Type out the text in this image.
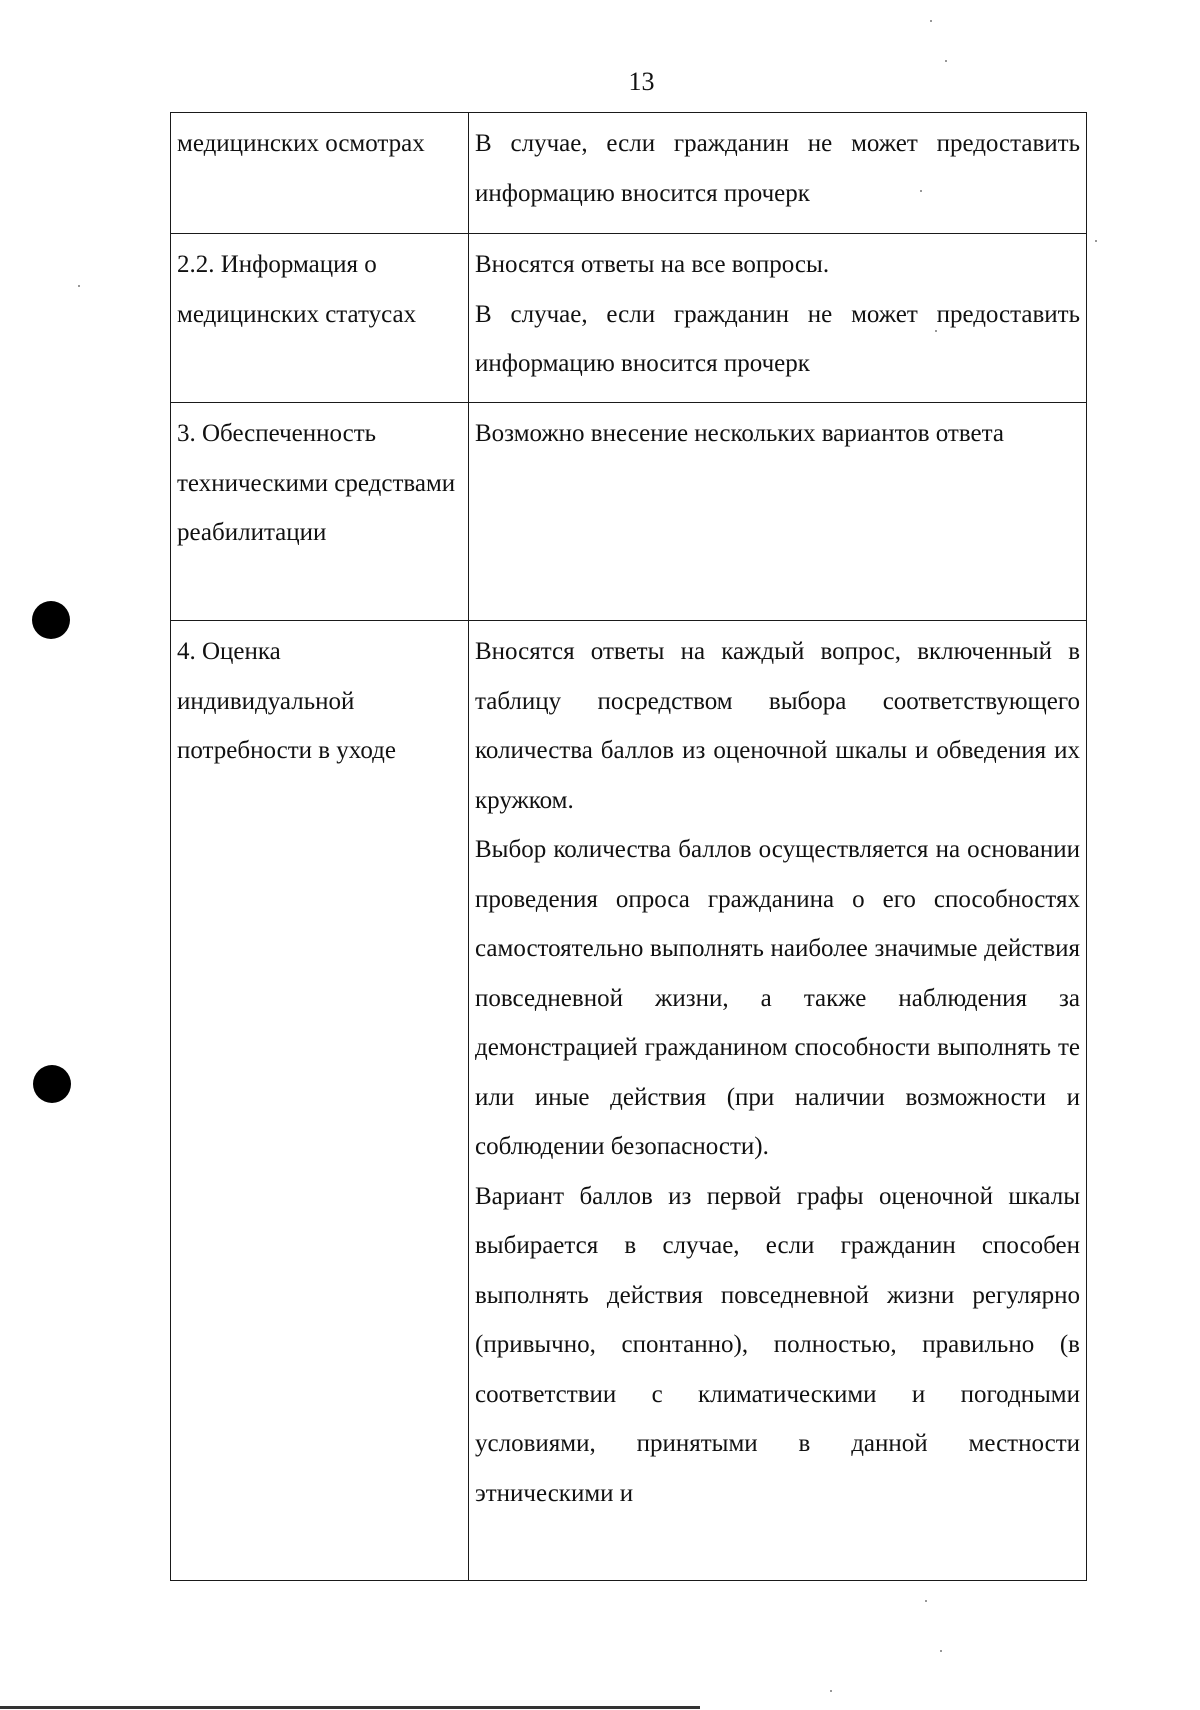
13

медицинских осмотрах	В случае, если гражданин не может предоставить информацию вносится прочерк

2.2. Информация о медицинских статусах	Вносятся ответы на все вопросы.

В случае, если гражданин не может предоставить информацию вносится прочерк

3. Обеспеченность техническими средствами реабилитации	Возможно внесение нескольких вариантов ответа

4. Оценка индивидуальной потребности в уходе	Вносятся ответы на каждый вопрос, включенный в таблицу посредством выбора соответствующего количества баллов из оценочной шкалы и обведения их кружком.

Выбор количества баллов осуществляется на основании проведения опроса гражданина о его способностях самостоятельно выполнять наиболее значимые действия повседневной жизни, а также наблюдения за демонстрацией гражданином способности выполнять те или иные действия (при наличии возможности и соблюдении безопасности).

Вариант баллов из первой графы оценочной шкалы выбирается в случае, если гражданин способен выполнять действия повседневной жизни регулярно (привычно, спонтанно), полностью, правильно (в соответствии с климатическими и погодными условиями, принятыми в данной местности этническими и
